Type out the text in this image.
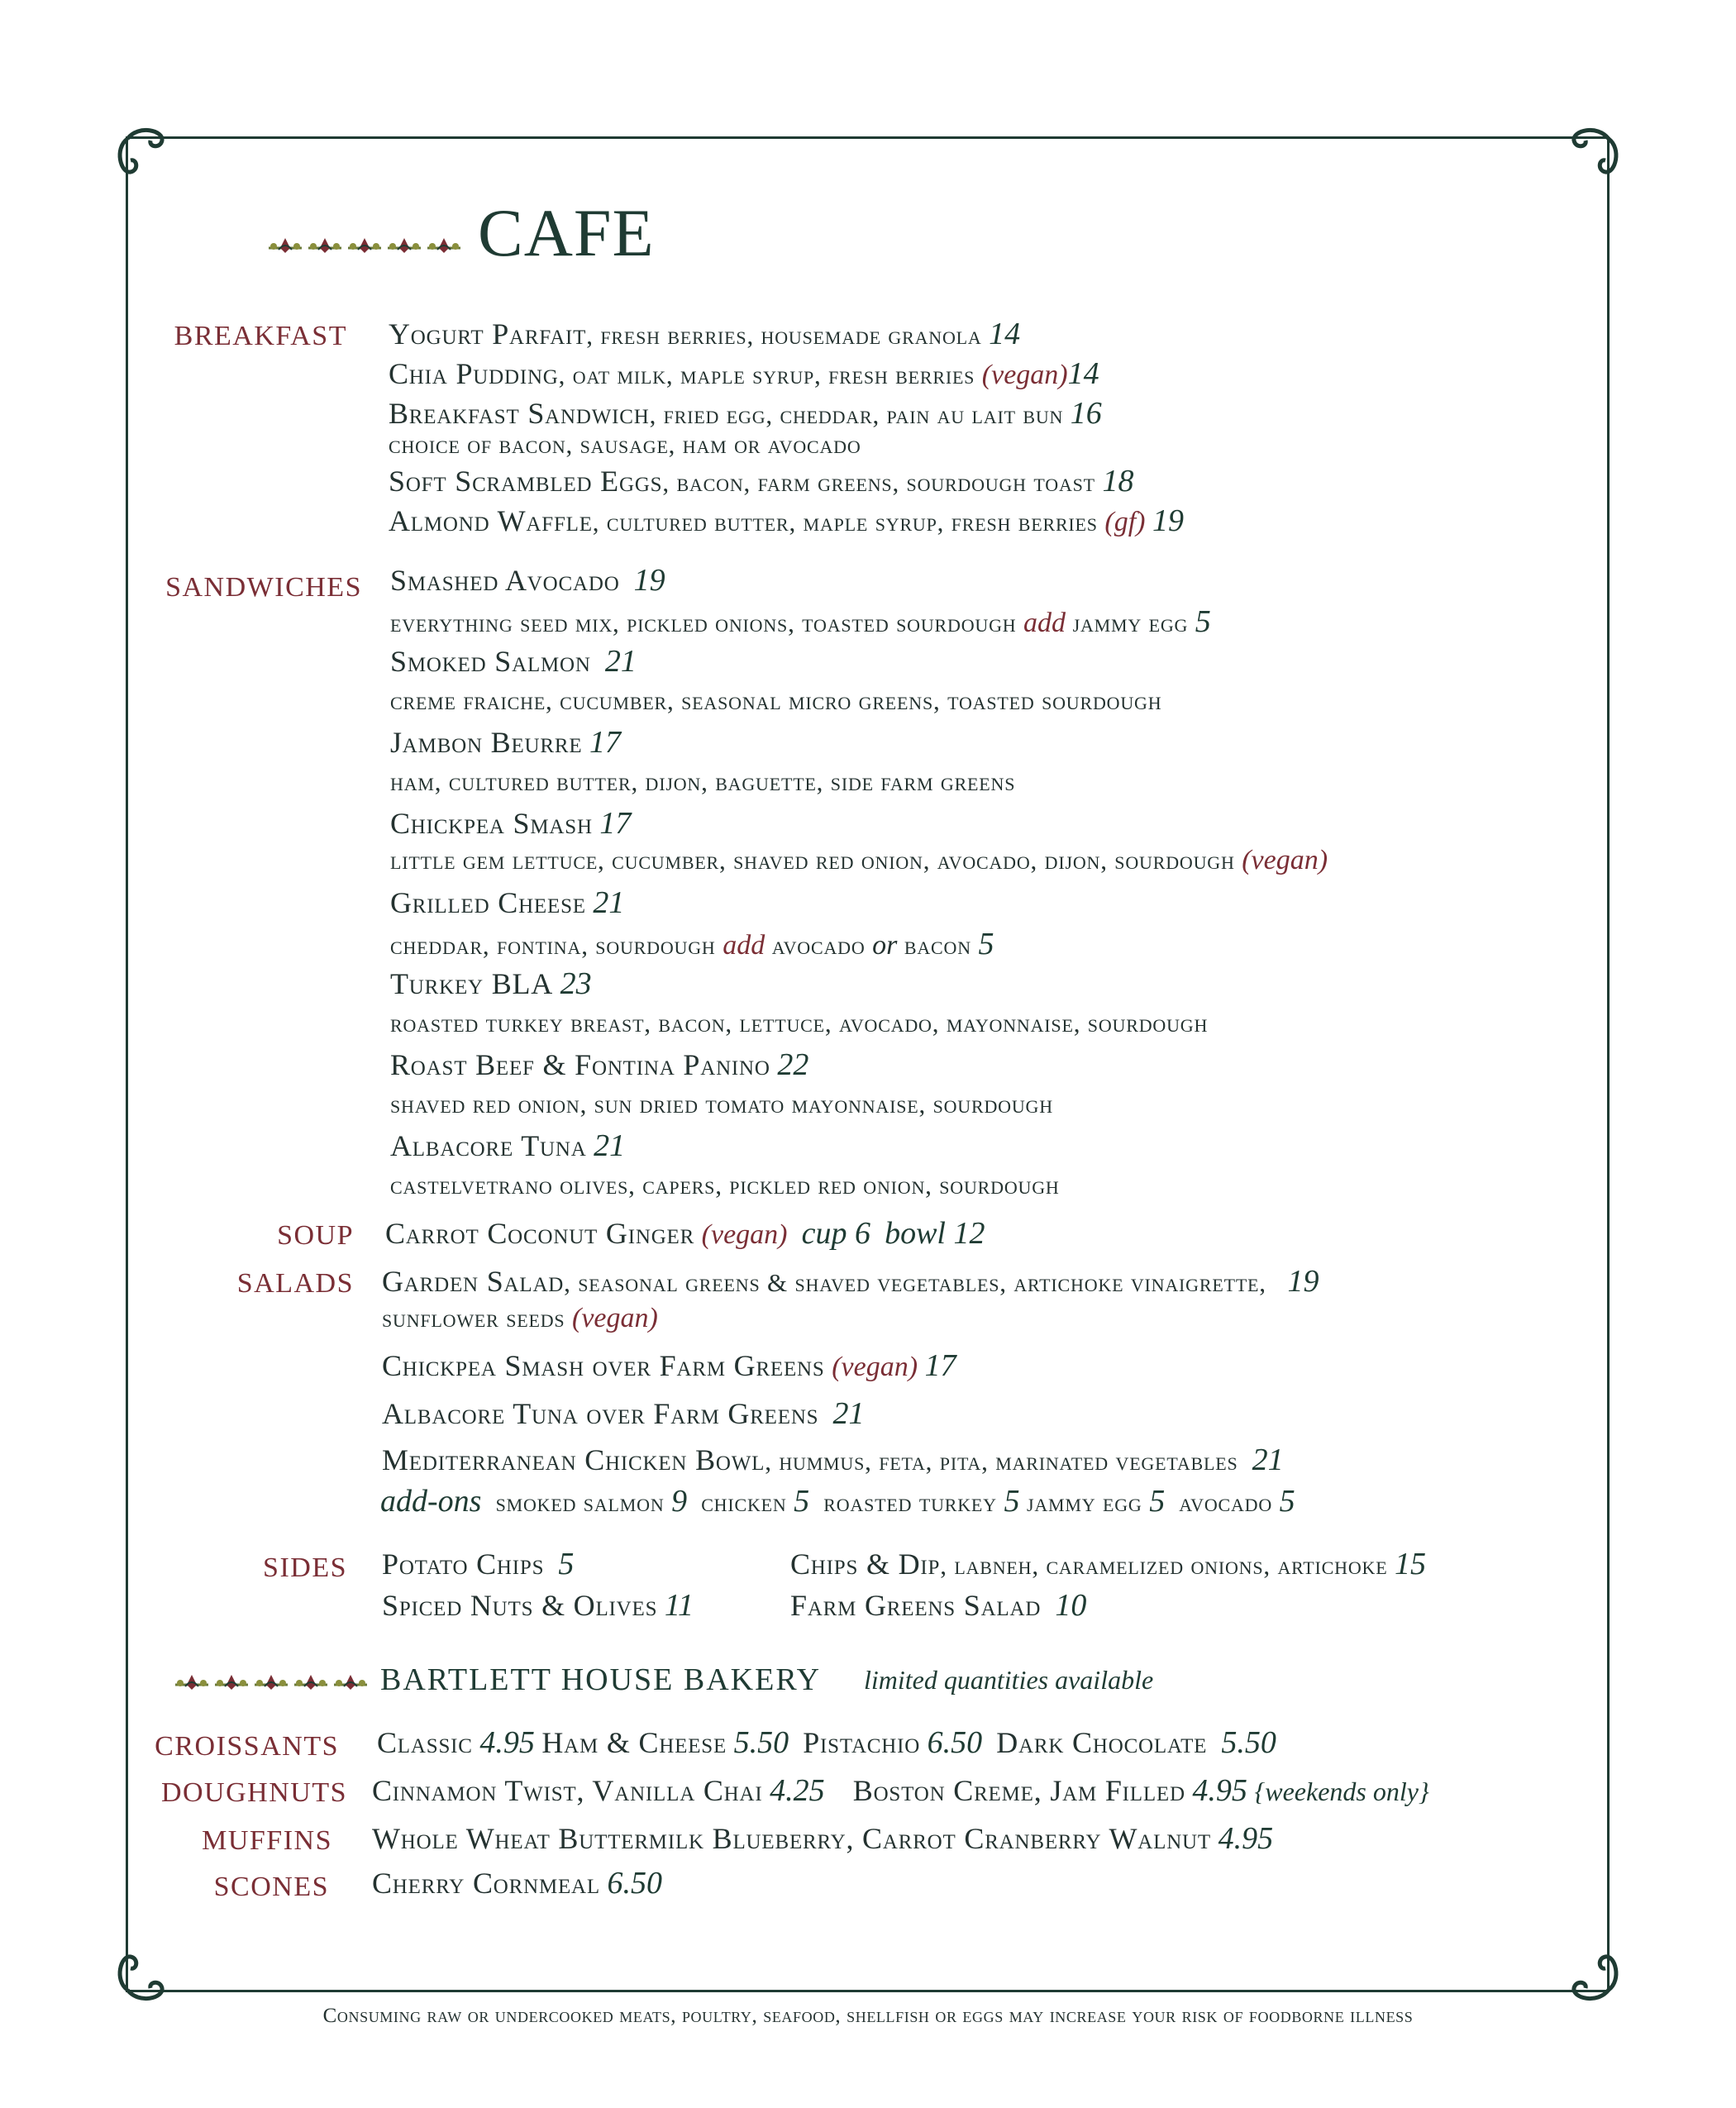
CAFE
BREAKFAST Yogurt Parfait, fresh berries, housemade granola 14
Chia Pudding, oat milk, maple syrup, fresh berries (vegan)14
Breakfast Sandwich, fried egg, cheddar, pain au lait bun 16
choice of bacon, sausage, ham or avocado
Soft Scrambled Eggs, bacon, farm greens, sourdough toast 18
Almond Waffle, cultured butter, maple syrup, fresh berries (gf) 19
SANDWICHES Smashed Avocado 19
everything seed mix, pickled onions, toasted sourdough add jammy egg 5
Smoked Salmon 21
creme fraiche, cucumber, seasonal micro greens, toasted sourdough
Jambon Beurre 17
ham, cultured butter, dijon, baguette, side farm greens
Chickpea Smash 17
little gem lettuce, cucumber, shaved red onion, avocado, dijon, sourdough (vegan)
Grilled Cheese 21
cheddar, fontina, sourdough add avocado or bacon 5
Turkey BLA 23
roasted turkey breast, bacon, lettuce, avocado, mayonnaise, sourdough
Roast Beef & Fontina Panino 22
shaved red onion, sun dried tomato mayonnaise, sourdough
Albacore Tuna 21
castelvetrano olives, capers, pickled red onion, sourdough
SOUP Carrot Coconut Ginger (vegan) cup 6 bowl 12
SALADS Garden Salad, seasonal greens & shaved vegetables, artichoke vinaigrette, 19
sunflower seeds (vegan)
Chickpea Smash over Farm Greens (vegan) 17
Albacore Tuna over Farm Greens 21
Mediterranean Chicken Bowl, hummus, feta, pita, marinated vegetables 21
add-ons smoked salmon 9 chicken 5 roasted turkey 5 jammy egg 5 avocado 5
SIDES Potato Chips 5
Spiced Nuts & Olives 11
Chips & Dip, labneh, caramelized onions, artichoke 15
Farm Greens Salad 10
BARTLETT HOUSE BAKERY limited quantities available
CROISSANTS Classic 4.95 Ham & Cheese 5.50 Pistachio 6.50 Dark Chocolate 5.50
DOUGHNUTS Cinnamon Twist, Vanilla Chai 4.25 Boston Creme, Jam Filled 4.95 {weekends only}
MUFFINS Whole Wheat Buttermilk Blueberry, Carrot Cranberry Walnut 4.95
SCONES Cherry Cornmeal 6.50
Consuming raw or undercooked meats, poultry, seafood, shellfish or eggs may increase your risk of foodborne illness
